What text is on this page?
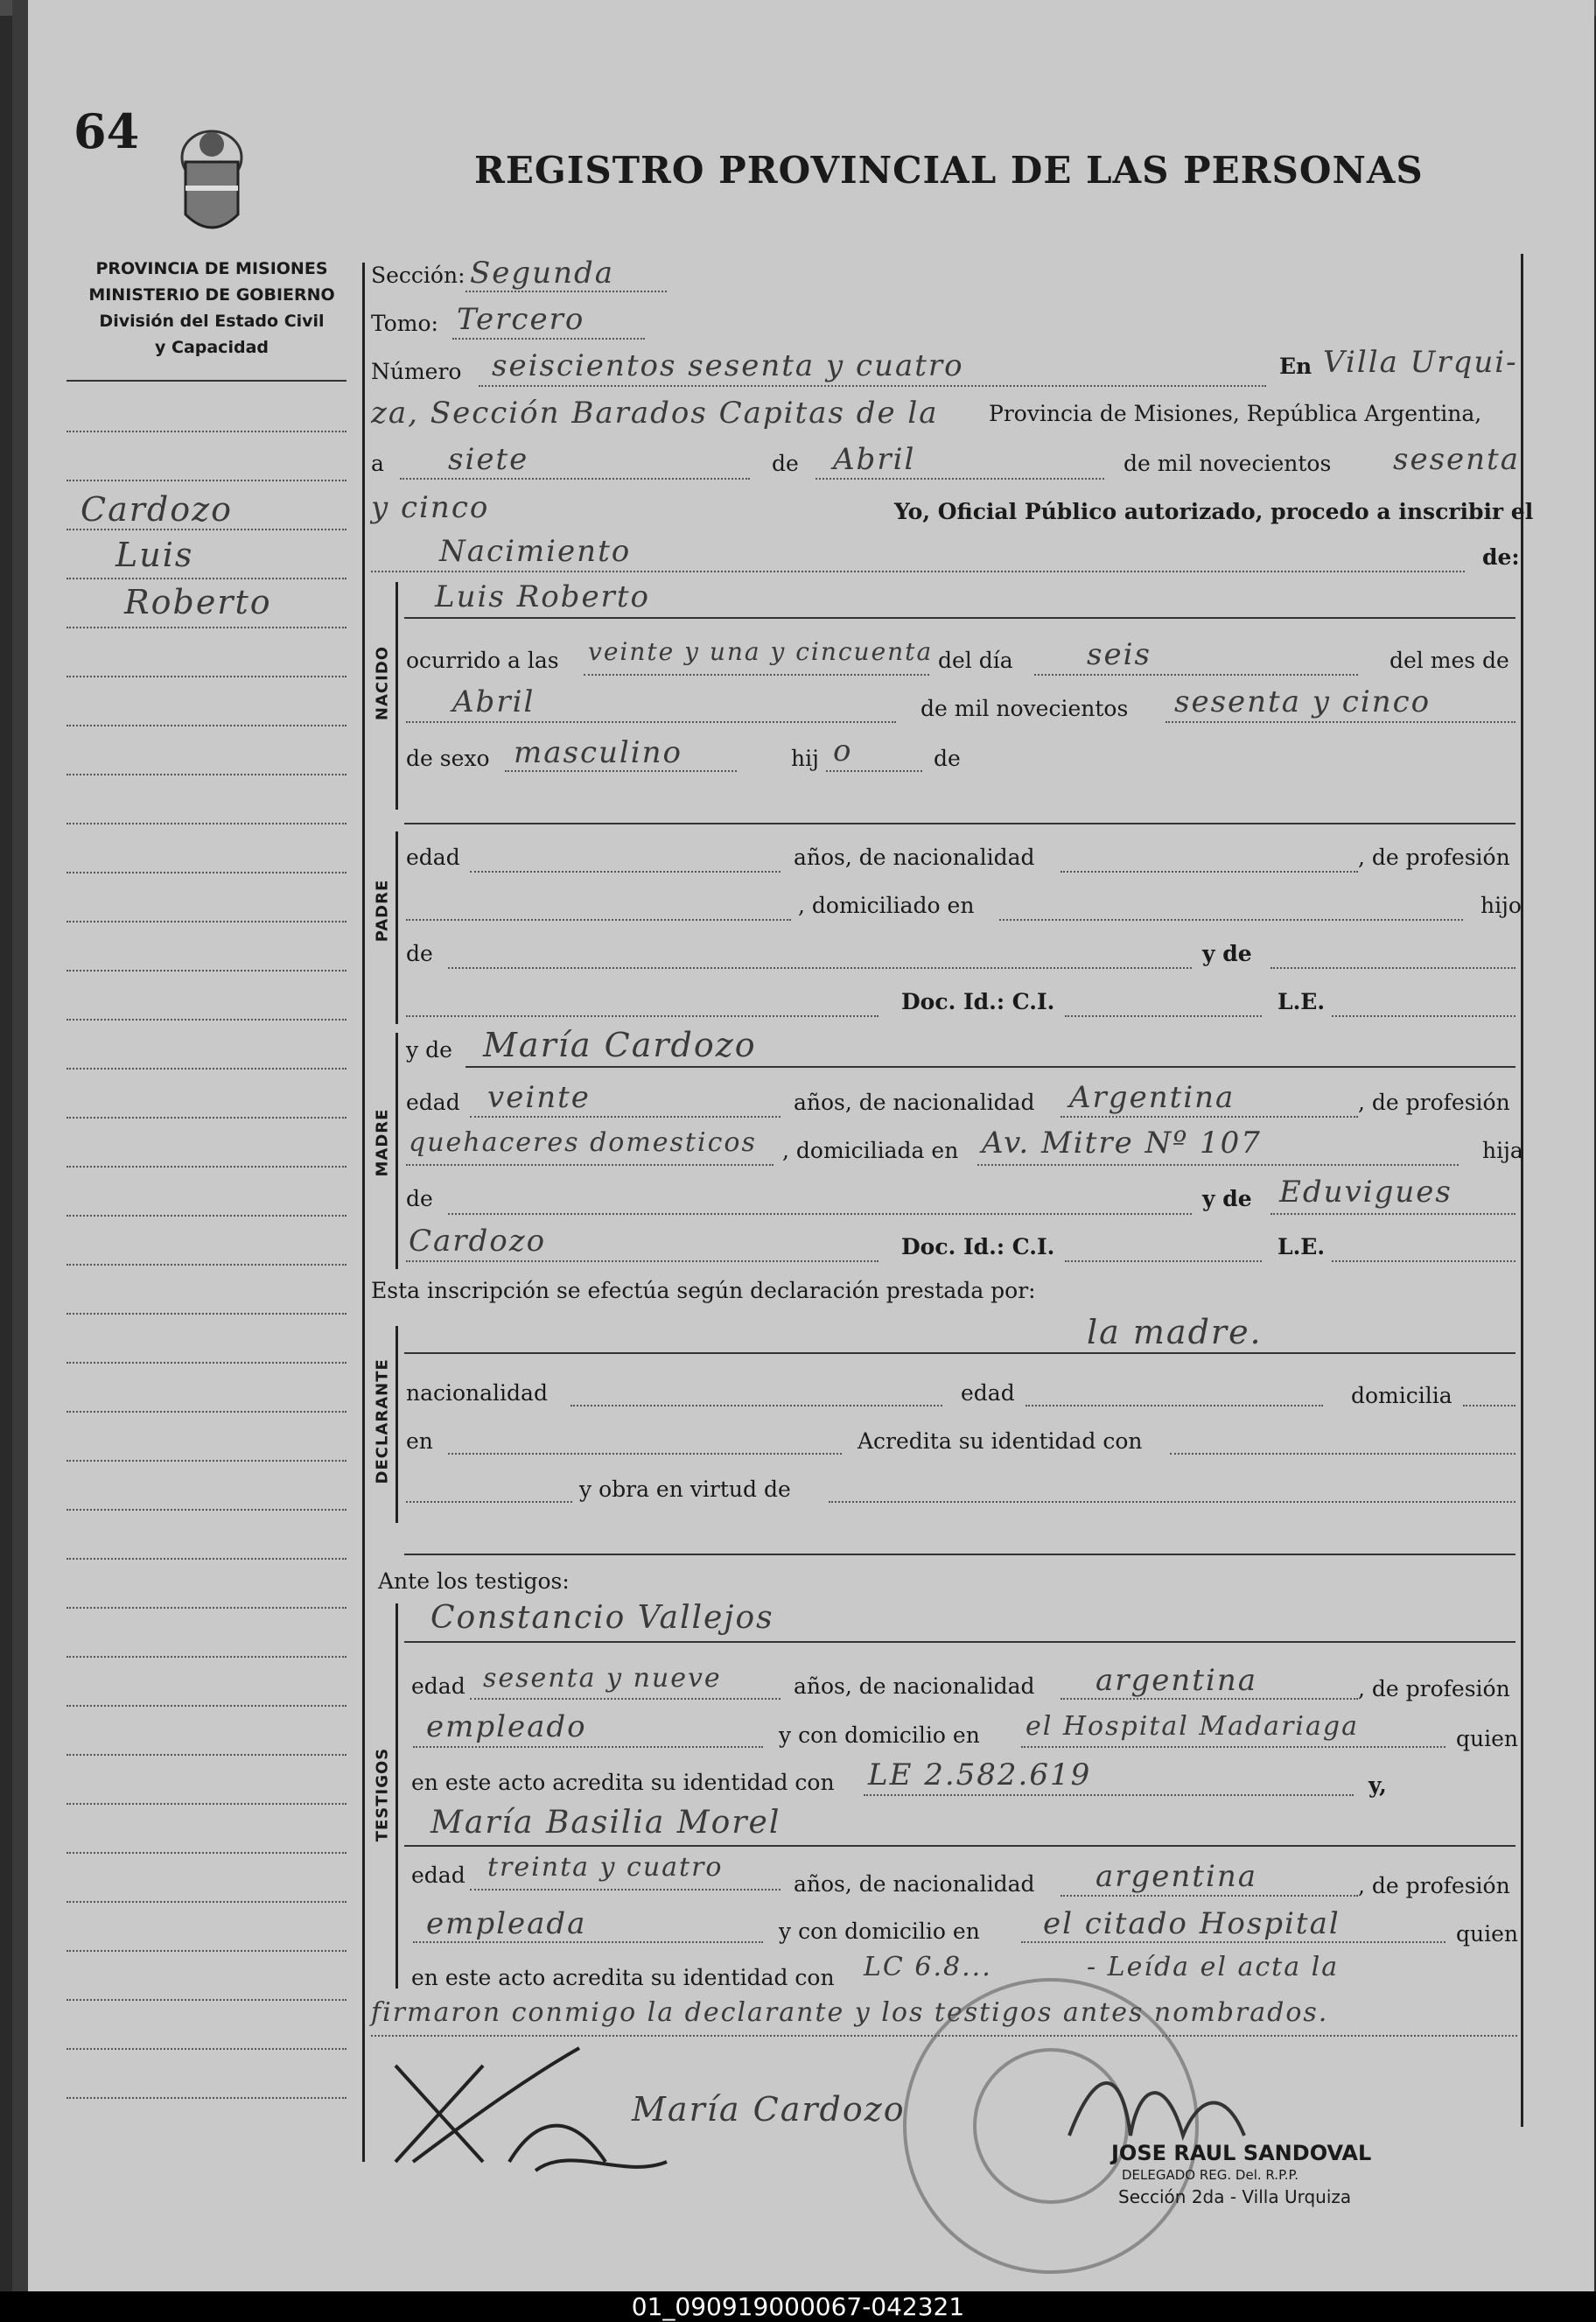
64
REGISTRO PROVINCIAL DE LAS PERSONAS
PROVINCIA DE MISIONES
MINISTERIO DE GOBIERNO
División del Estado Civil
y Capacidad
Cardozo
Luis
Roberto
Sección: Segunda
Tomo: Tercero
Número seiscientos sesenta y cuatro	En Villa Urqui-
za, Sección Barados Capitas de la Provincia de Misiones, República Argentina,
a siete	de Abril	de mil novecientos sesenta
y cinco	Yo, Oficial Público autorizado, procedo a inscribir el
Nacimiento	de:
NACIDO
Luis Roberto
ocurrido a las veinte y una y cincuenta del día seis	del mes de
Abril	de mil novecientos sesenta y cinco
de sexo masculino	hij o	de
PADRE
edad	años, de nacionalidad	, de profesión
, domiciliado en	hijo
de	y de
Doc. Id.: C.I.	L.E.
MADRE
y de María Cardozo
edad veinte	años, de nacionalidad Argentina	, de profesión
quehaceres domesticos , domiciliada en Av. Mitre Nº 107	hija
de	y de Eduvigues
Cardozo	Doc. Id.: C.I.	L.E.
Esta inscripción se efectúa según declaración prestada por:
la madre.
DECLARANTE nacionalidad	edad	domicilia
en	Acredita su identidad con
y obra en virtud de
Ante los testigos:
TESTIGOS
Constancio Vallejos
edad sesenta y nueve	años, de nacionalidad argentina	, de profesión
empleado	y con domicilio en el Hospital Madariaga	quien
en este acto acredita su identidad con LE 2.582.619	y,
María Basilia Morel
edad treinta y cuatro
años, de nacionalidad argentina	, de profesión
empleada	y con domicilio en el citado Hospital	quien
en este acto acredita su identidad con LC 6.8...	- Leída el acta la
firmaron conmigo la declarante y los testigos antes nombrados.
María Cardozo
JOSE RAUL SANDOVAL
DELEGADO REG. Del. R.P.P.
Sección 2da - Villa Urquiza
01_090919000067-042321
